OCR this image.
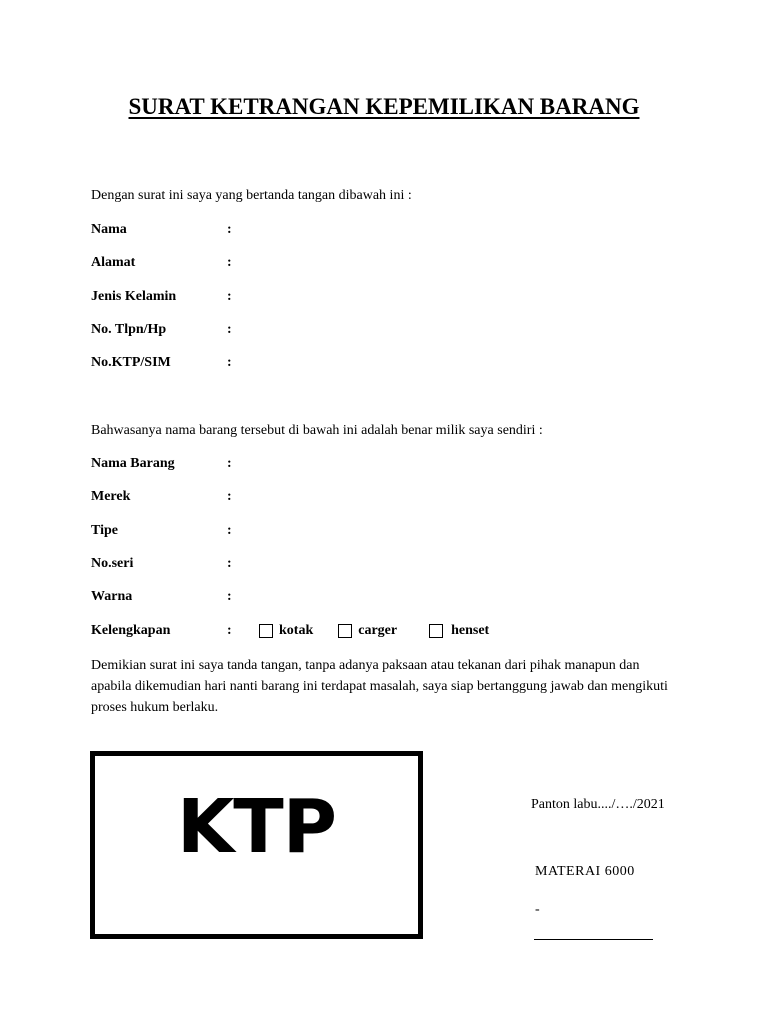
SURAT KETRANGAN KEPEMILIKAN BARANG
Dengan surat ini saya yang bertanda tangan dibawah ini :
Nama	:
Alamat	:
Jenis Kelamin	:
No. Tlpn/Hp	:
No.KTP/SIM	:
Bahwasanya nama barang tersebut di bawah ini adalah benar milik saya sendiri :
Nama Barang	:
Merek	:
Tipe	:
No.seri	:
Warna	:
Kelengkapan	:	kotak	carger	henset
Demikian surat ini saya tanda tangan, tanpa adanya paksaan atau tekanan dari pihak manapun dan apabila dikemudian hari nanti barang ini terdapat masalah, saya siap bertanggung jawab dan mengikuti proses hukum berlaku.
KTP	Panton labu..../…./2021
MATERAI 6000
-
